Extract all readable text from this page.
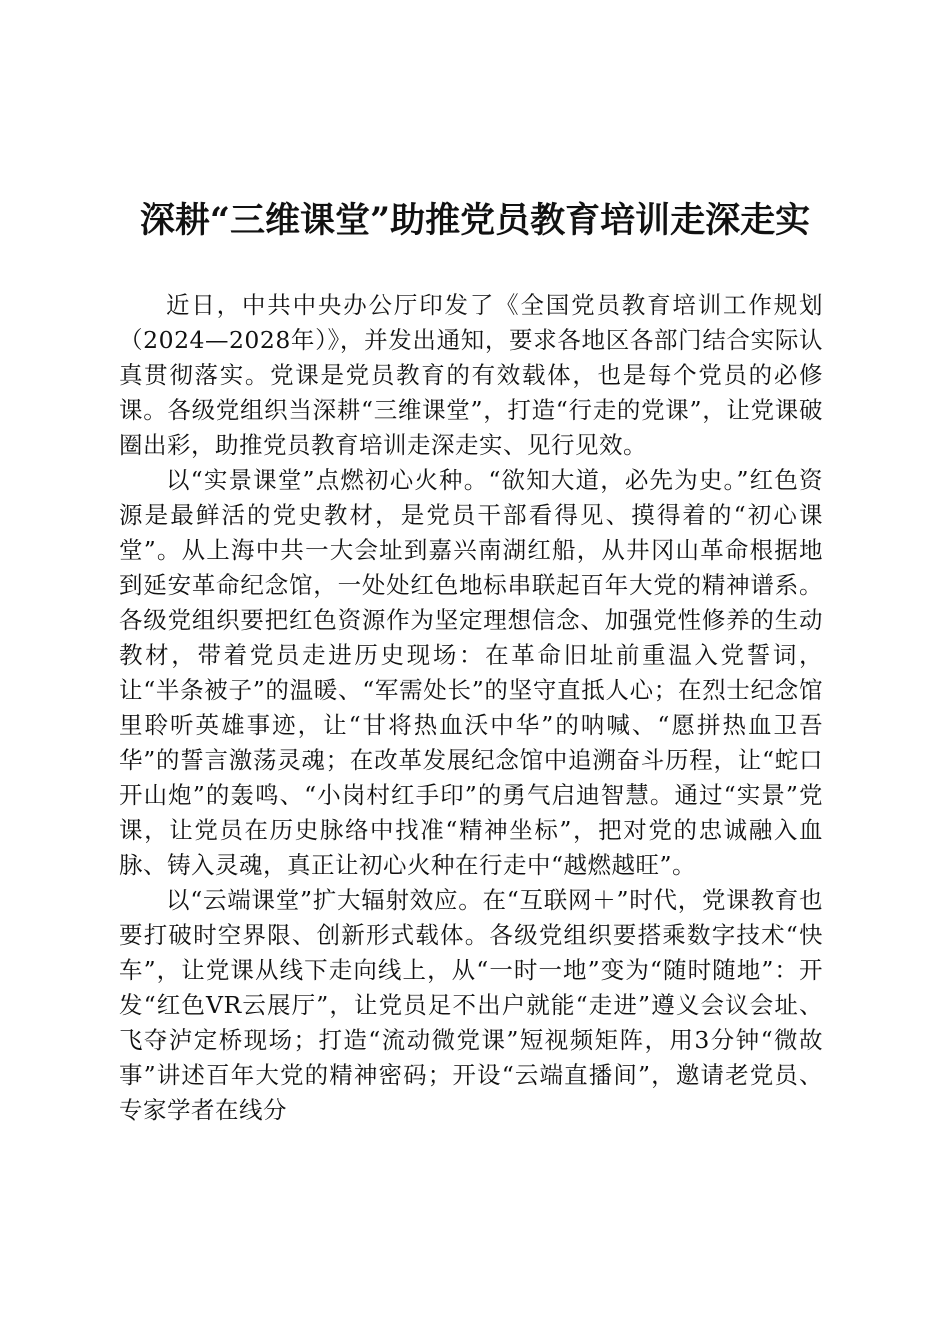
深耕“三维课堂”助推党员教育培训走深走实

近日，中共中央办公厅印发了《全国党员教育培训工作规划（2024—2028年）》，并发出通知，要求各地区各部门结合实际认真贯彻落实。党课是党员教育的有效载体，也是每个党员的必修课。各级党组织当深耕“三维课堂”，打造“行走的党课”，让党课破圈出彩，助推党员教育培训走深走实、见行见效。

以“实景课堂”点燃初心火种。“欲知大道，必先为史。”红色资源是最鲜活的党史教材，是党员干部看得见、摸得着的“初心课堂”。从上海中共一大会址到嘉兴南湖红船，从井冈山革命根据地到延安革命纪念馆，一处处红色地标串联起百年大党的精神谱系。各级党组织要把红色资源作为坚定理想信念、加强党性修养的生动教材，带着党员走进历史现场：在革命旧址前重温入党誓词，让“半条被子”的温暖、“军需处长”的坚守直抵人心；在烈士纪念馆里聆听英雄事迹，让“甘将热血沃中华”的呐喊、“愿拼热血卫吾华”的誓言激荡灵魂；在改革发展纪念馆中追溯奋斗历程，让“蛇口开山炮”的轰鸣、“小岗村红手印”的勇气启迪智慧。通过“实景”党课，让党员在历史脉络中找准“精神坐标”，把对党的忠诚融入血脉、铸入灵魂，真正让初心火种在行走中“越燃越旺”。

以“云端课堂”扩大辐射效应。在“互联网＋”时代，党课教育也要打破时空界限、创新形式载体。各级党组织要搭乘数字技术“快车”，让党课从线下走向线上，从“一时一地”变为“随时随地”：开发“红色VR云展厅”，让党员足不出户就能“走进”遵义会议会址、飞夺泸定桥现场；打造“流动微党课”短视频矩阵，用3分钟“微故事”讲述百年大党的精神密码；开设“云端直播间”，邀请老党员、专家学者在线分
